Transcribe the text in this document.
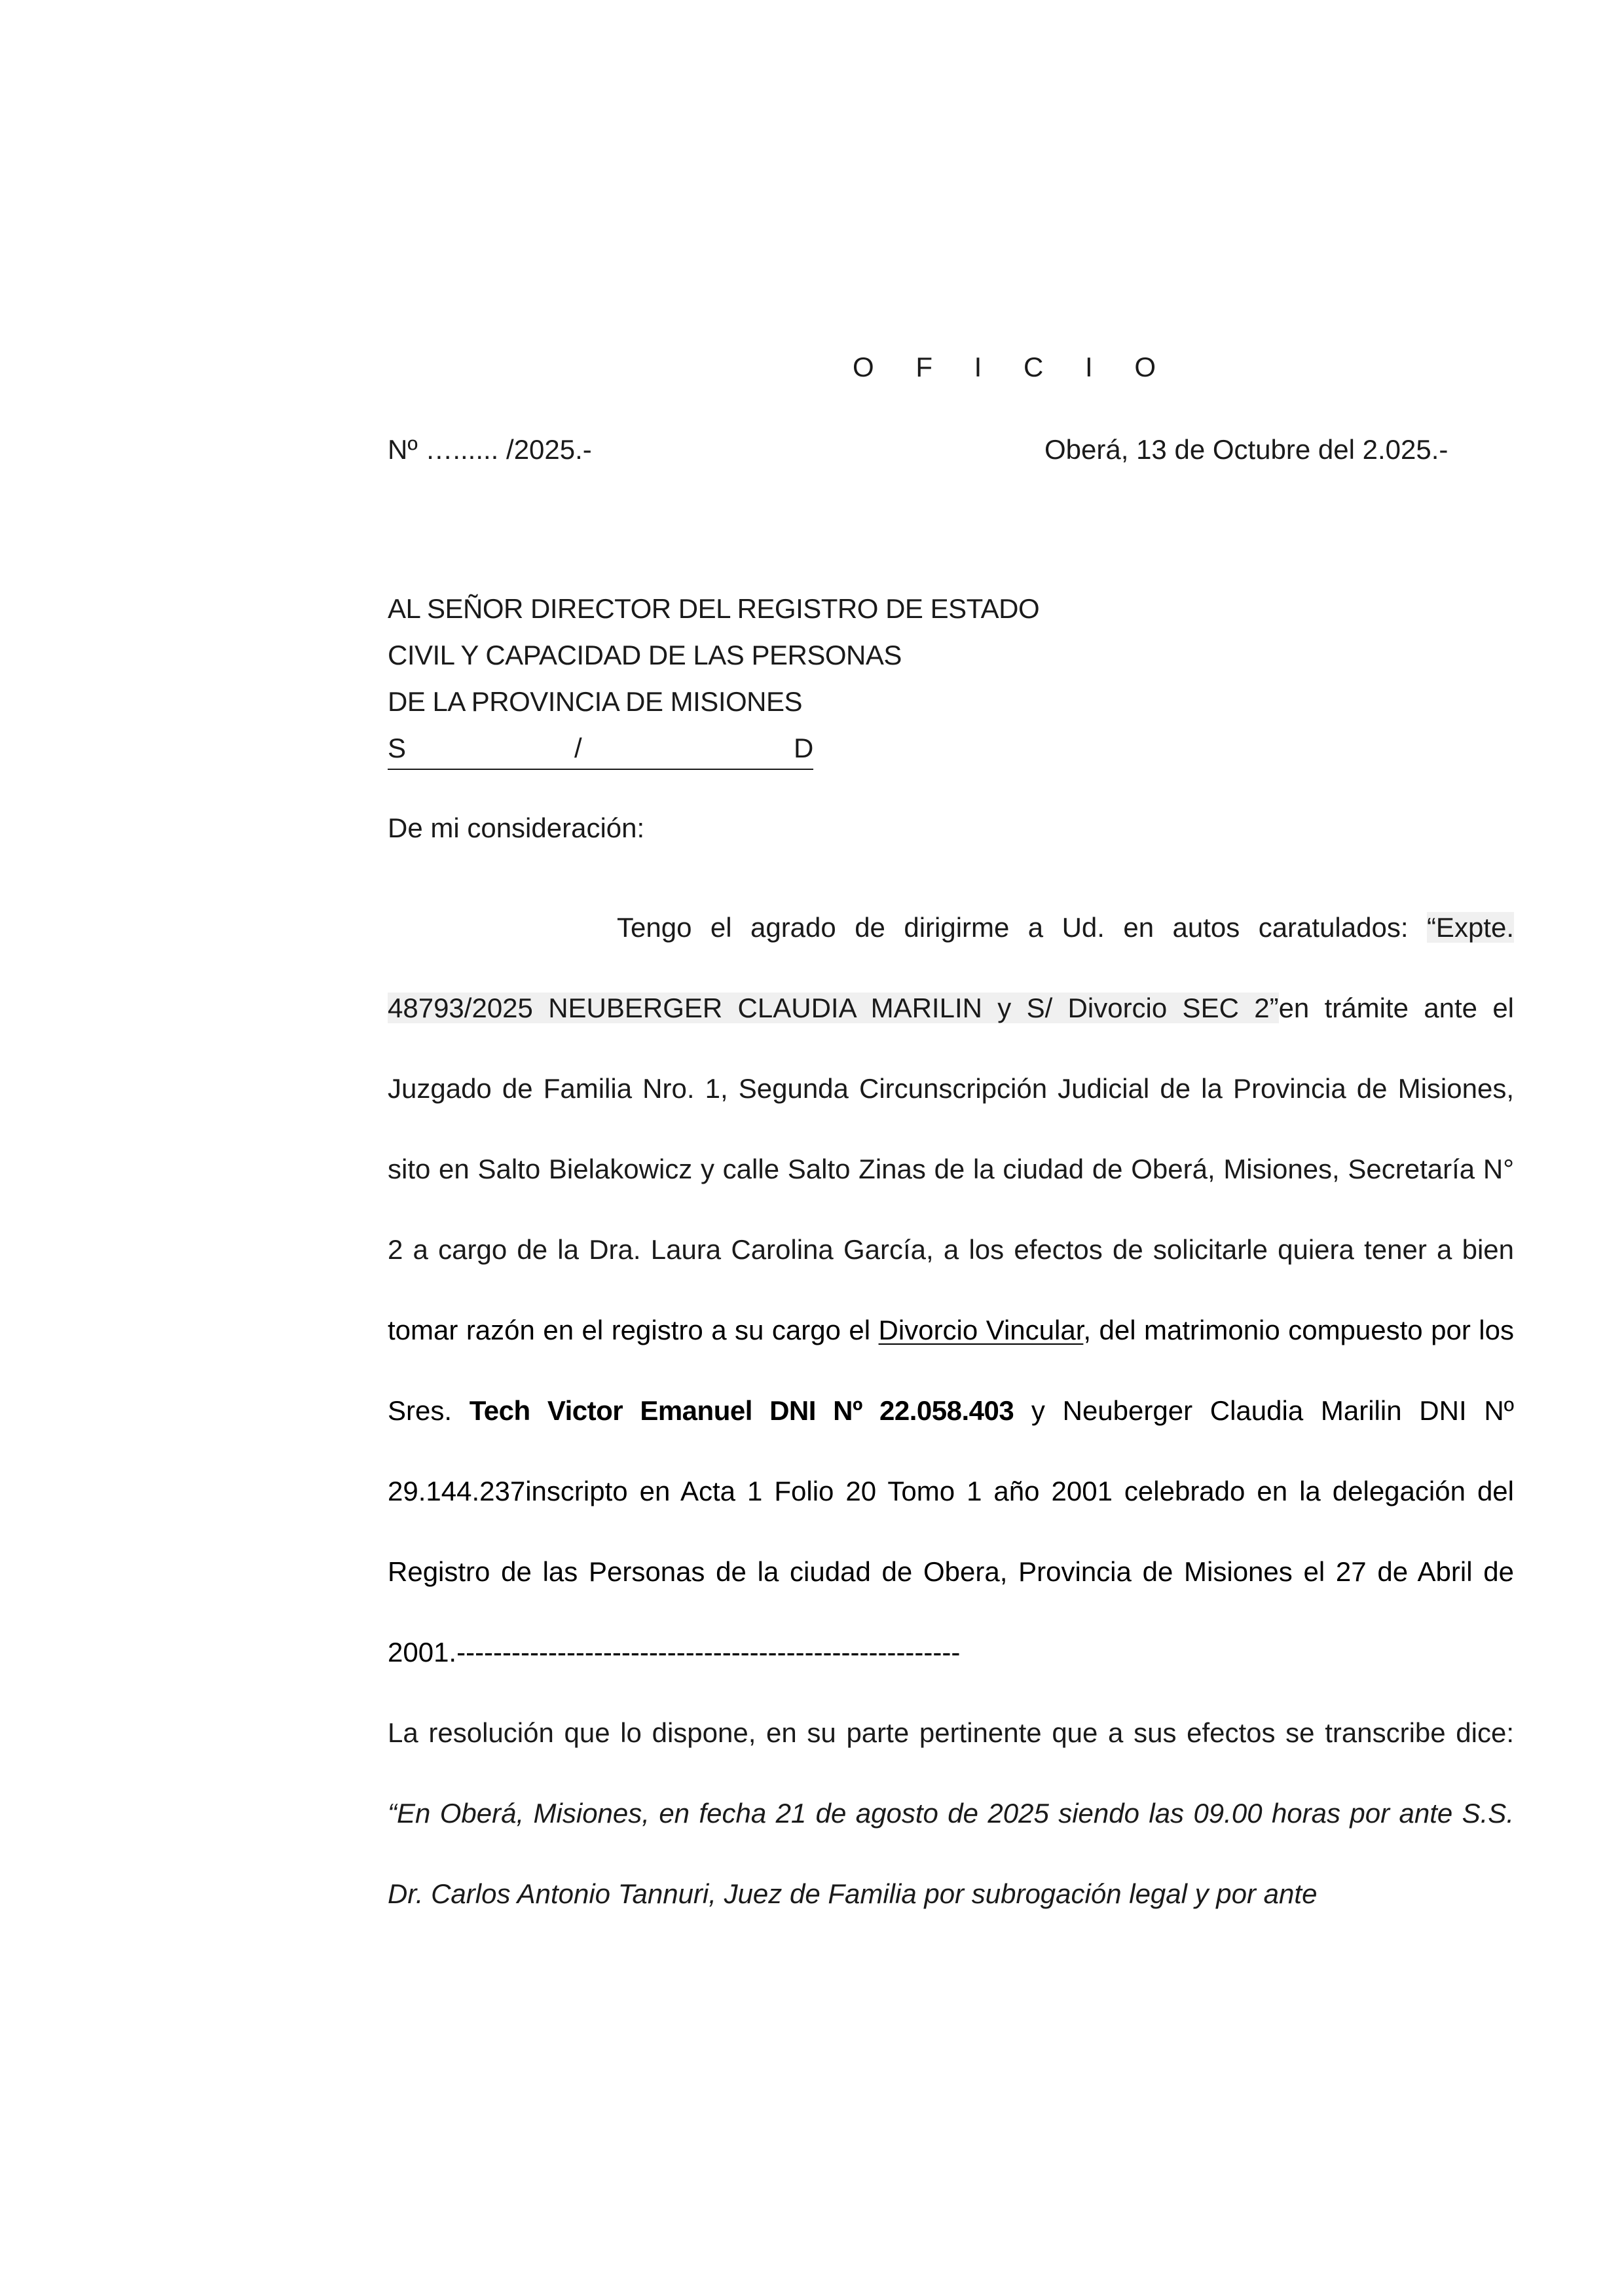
O F I C I O
Nº …...... /2025.-	Oberá, 13 de Octubre del 2.025.-
AL SEÑOR DIRECTOR DEL REGISTRO DE ESTADO
CIVIL Y CAPACIDAD DE LAS PERSONAS
DE LA PROVINCIA DE MISIONES
S	/	D
De mi consideración:

Tengo el agrado de dirigirme a Ud. en autos caratulados: “Expte. 48793/2025 NEUBERGER CLAUDIA MARILIN y S/ Divorcio SEC 2”en trámite ante el Juzgado de Familia Nro. 1, Segunda Circunscripción Judicial de la Provincia de Misiones, sito en Salto Bielakowicz y calle Salto Zinas de la ciudad de Oberá, Misiones, Secretaría N° 2 a cargo de la Dra. Laura Carolina García, a los efectos de solicitarle quiera tener a bien tomar razón en el registro a su cargo el Divorcio Vincular, del matrimonio compuesto por los Sres. Tech Victor Emanuel DNI Nº 22.058.403 y Neuberger Claudia Marilin DNI Nº 29.144.237inscripto en Acta 1 Folio 20 Tomo 1 año 2001 celebrado en la delegación del Registro de las Personas de la ciudad de Obera, Provincia de Misiones el 27 de Abril de 2001.-------------------------------------------------------

La resolución que lo dispone, en su parte pertinente que a sus efectos se transcribe dice: “En Oberá, Misiones, en fecha 21 de agosto de 2025 siendo las 09.00 horas por ante S.S. Dr. Carlos Antonio Tannuri, Juez de Familia por subrogación legal y por ante
